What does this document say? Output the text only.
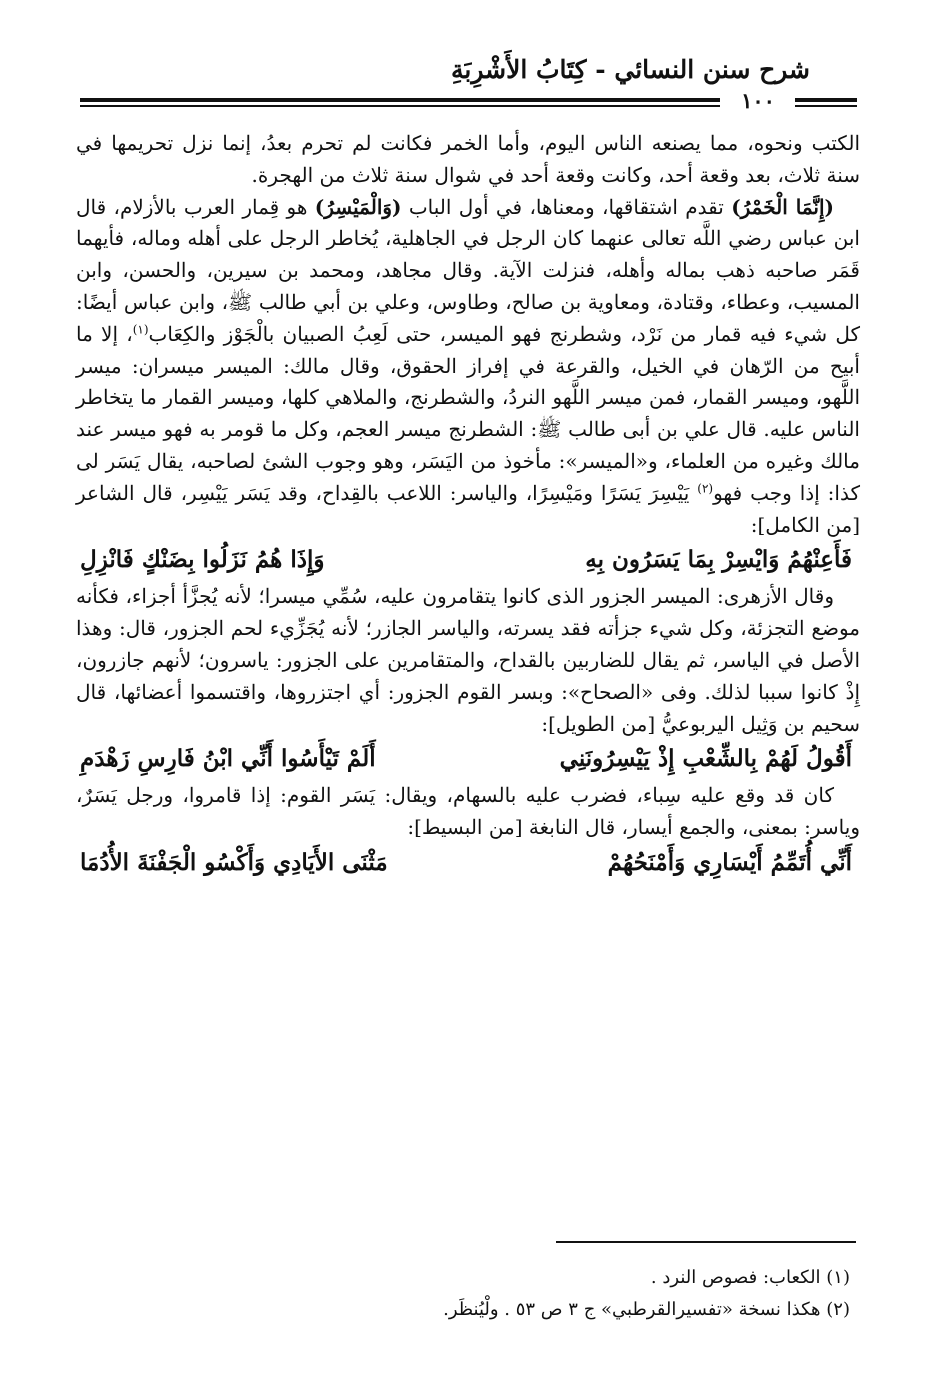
شرح سنن النسائي - كِتَابُ الأَشْرِبَةِ
١٠٠

الكتب ونحوه، مما يصنعه الناس اليوم، وأما الخمر فكانت لم تحرم بعدُ، إنما نزل تحريمها في سنة ثلاث، بعد وقعة أحد، وكانت وقعة أحد في شوال سنة ثلاث من الهجرة.

(إِنَّمَا الْخَمْرُ) تقدم اشتقاقها، ومعناها، في أول الباب (وَالْمَيْسِرُ) هو قِمار العرب بالأزلام، قال ابن عباس رضي اللَّه تعالى عنهما كان الرجل في الجاهلية، يُخاطر الرجل على أهله وماله، فأيهما قَمَر صاحبه ذهب بماله وأهله، فنزلت الآية. وقال مجاهد، ومحمد بن سيرين، والحسن، وابن المسيب، وعطاء، وقتادة، ومعاوية بن صالح، وطاوس، وعلي بن أبي طالب ﷺ، وابن عباس أيضًا: كل شيء فيه قمار من نَرْد، وشطرنج فهو الميسر، حتى لَعِبُ الصبيان بالْجَوْز والكِعَاب$^{(١)}$، إلا ما أبيح من الرّهان في الخيل، والقرعة في إفراز الحقوق، وقال مالك: الميسر ميسران: ميسر اللَّهو، وميسر القمار، فمن ميسر اللَّهو النردُ، والشطرنج، والملاهي كلها، وميسر القمار ما يتخاطر الناس عليه. قال علي بن أبى طالب ﷺ: الشطرنج ميسر العجم، وكل ما قومر به فهو ميسر عند مالك وغيره من العلماء، و«الميسر»: مأخوذ من اليَسَر، وهو وجوب الشئ لصاحبه، يقال يَسَر لى كذا: إذا وجب فهو$^{(٢)}$ يَيْسِرَ يَسَرًا ومَيْسِرًا، والياسر: اللاعب بالقِداح، وقد يَسَر يَيْسِر، قال الشاعر [من الكامل]:

فَأَعِنْهُمُ وَايْسِرْ بِمَا يَسَرُون بِهِ
وَإِذَا هُمُ نَزَلُوا بِضَنْكٍ فَانْزِلِ

وقال الأزهرى: الميسر الجزور الذى كانوا يتقامرون عليه، سُمِّي ميسرا؛ لأنه يُجزَّأ أجزاء، فكأنه موضع التجزئة، وكل شيء جزأته فقد يسرته، والياسر الجازر؛ لأنه يُجَزِّيء لحم الجزور، قال: وهذا الأصل في الياسر، ثم يقال للضاربين بالقداح، والمتقامرين على الجزور: ياسرون؛ لأنهم جازرون، إِذْ كانوا سببا لذلك. وفى «الصحاح»: وبسر القوم الجزور: أي اجتزروها، واقتسموا أعضائها، قال سحيم بن وَثِيل اليربوعيُّ [من الطويل]:

أَقُولُ لَهُمْ بِالشِّعْبِ إِذْ يَيْسِرُونَنِي
أَلَمْ تَيْأَسُوا أَنِّي ابْنُ فَارِسِ زَهْدَمِ

كان قد وقع عليه سِباء، فضرب عليه بالسهام، ويقال: يَسَر القوم: إذا قامروا، ورجل يَسَرٌ، وياسر: بمعنى، والجمع أيسار، قال النابغة [من البسيط]:

أَنِّي أُتَمِّمُ أَيْسَارِي وَأَمْنَحُهُمْ
مَثْنَى الأَيَادِي وَأَكْسُو الْجَفْنَةَ الأُدُمَا
(١) الكعاب: فصوص النرد .
(٢) هكذا نسخة «تفسيرالقرطبي» ج ٣ ص ٥٣ . ولْيُنظَر.
